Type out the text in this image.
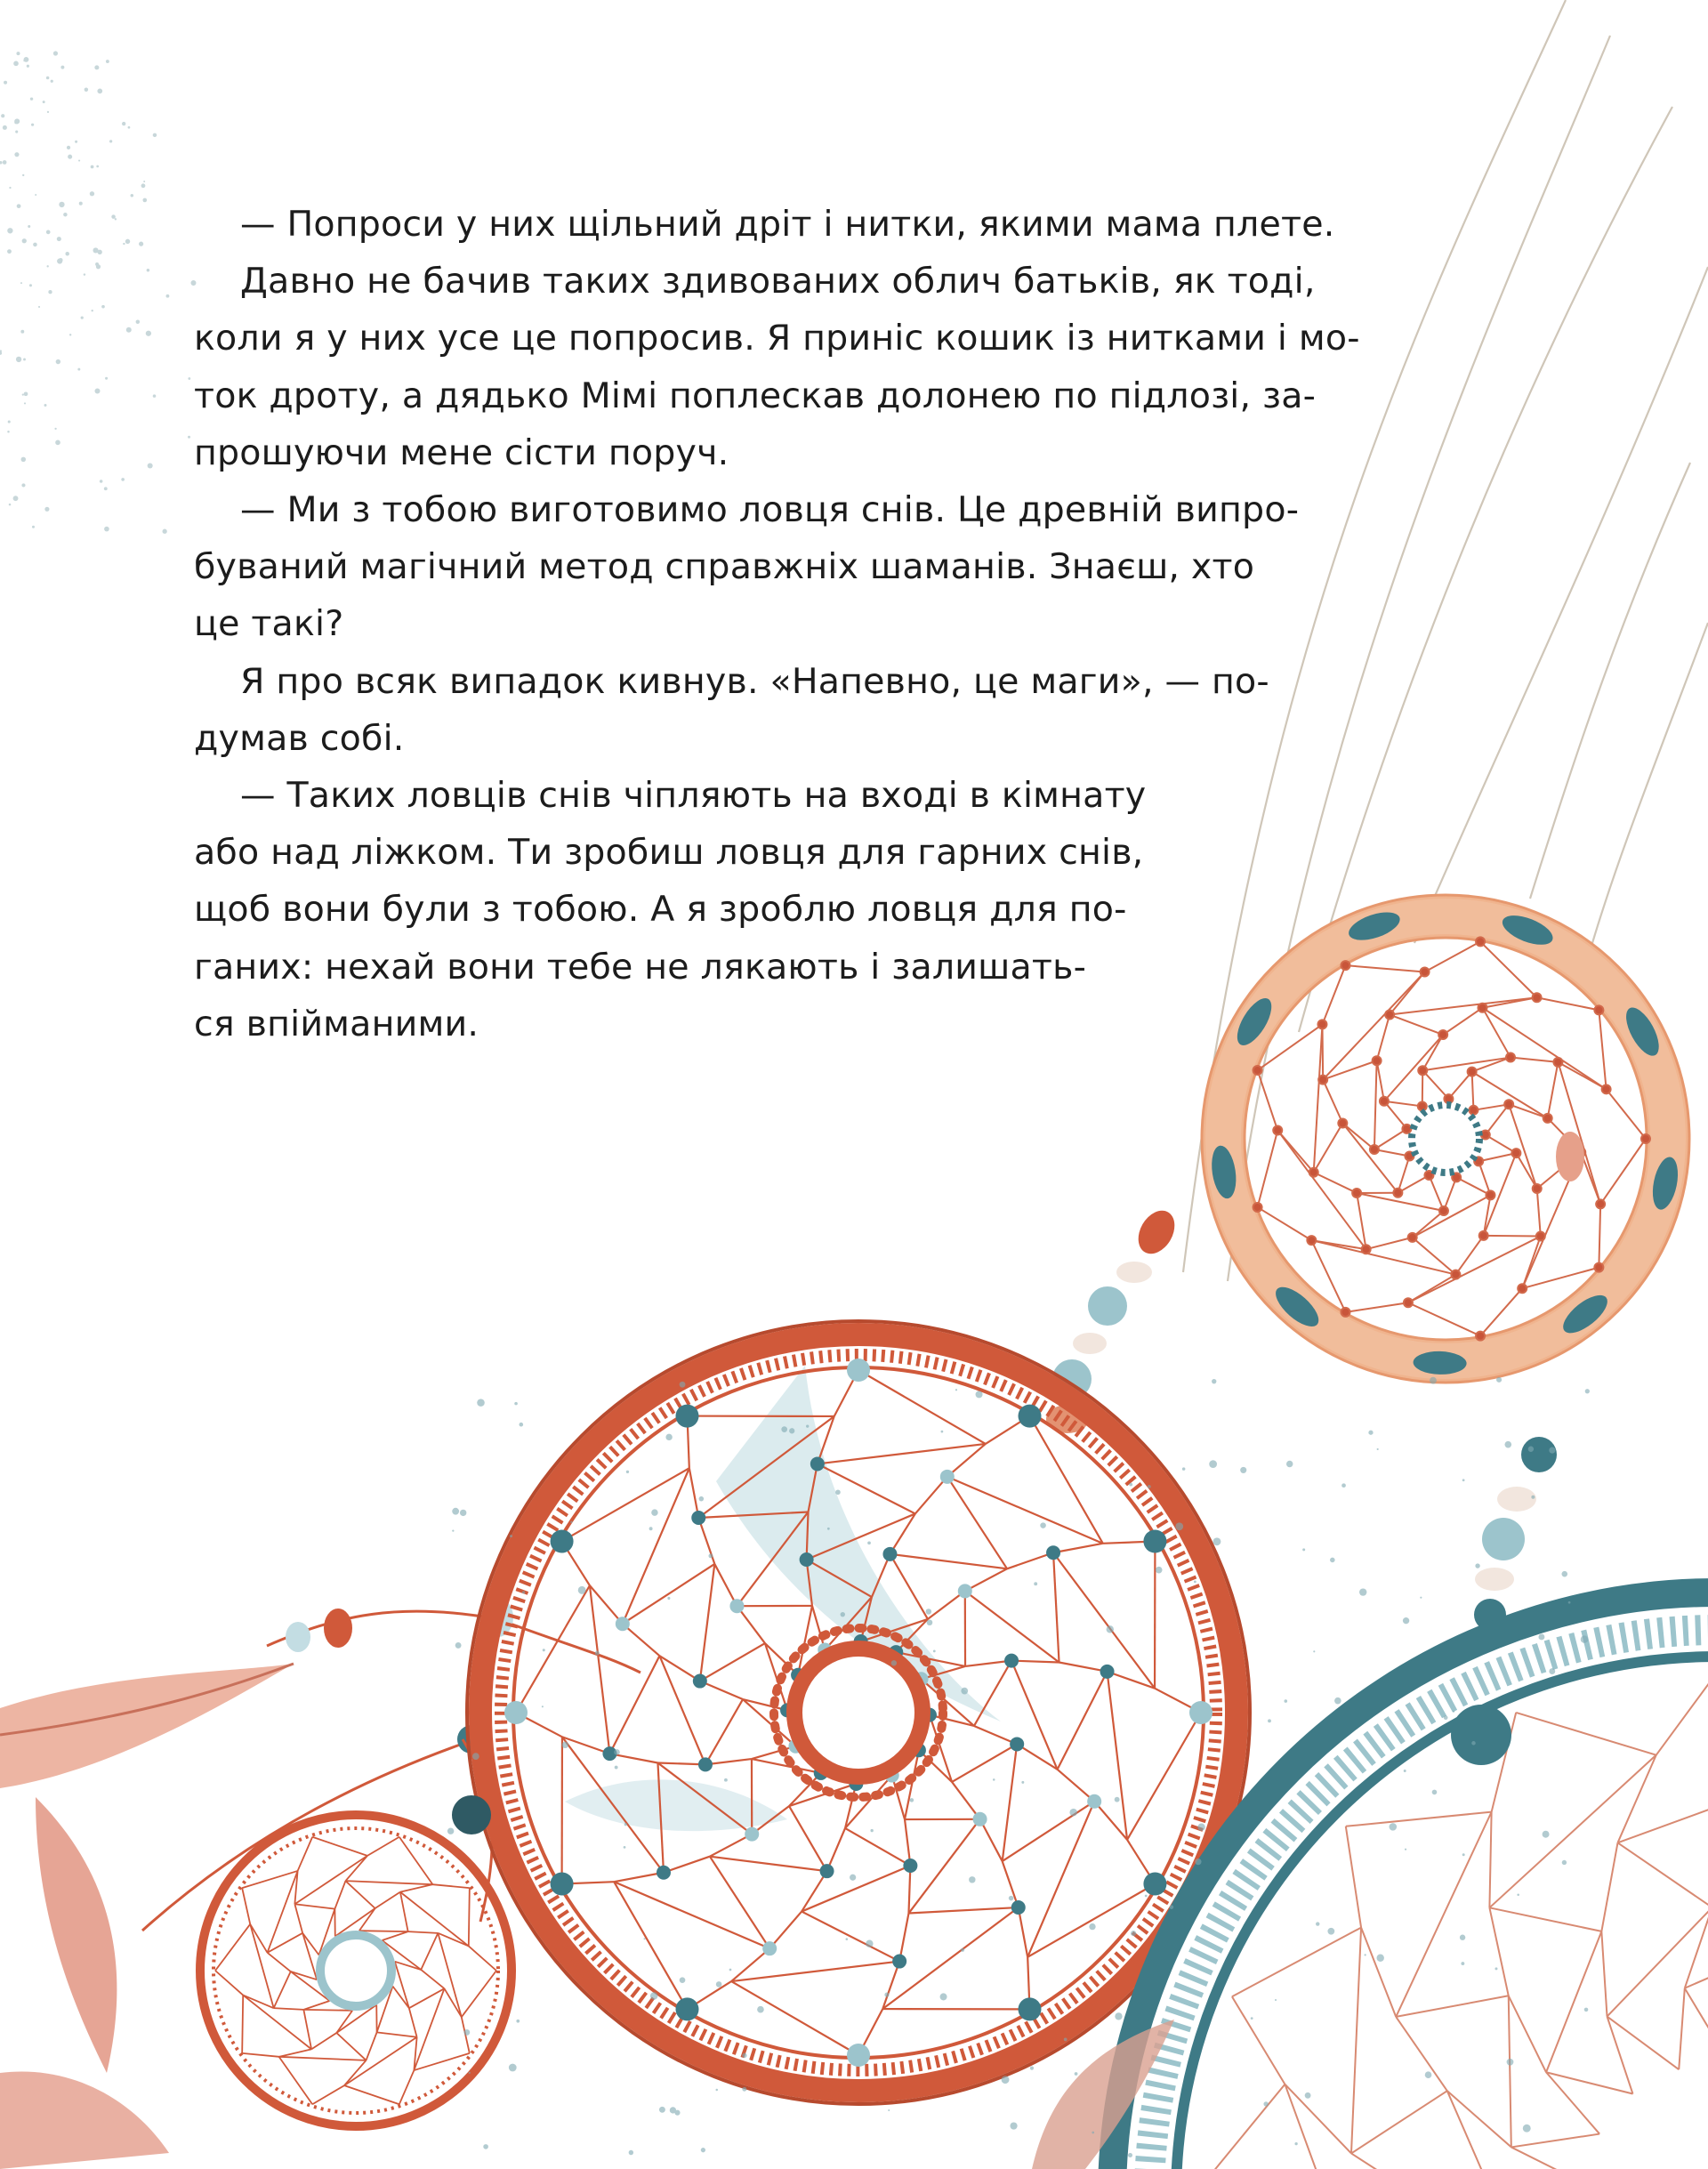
— Попроси у них щільний дріт і нитки, якими мама плете.

Давно не бачив таких здивованих облич батьків, як тоді,

коли я у них усе це попросив. Я приніс кошик із нитками і мо-

ток дроту, а дядько Мімі поплескав долонею по підлозі, за-

прошуючи мене сісти поруч.

— Ми з тобою виготовимо ловця снів. Це древній випро-

буваний магічний метод справжніх шаманів. Знаєш, хто

це такі?

Я про всяк випадок кивнув. «Напевно, це маги», — по-

думав собі.

— Таких ловців снів чіпляють на вході в кімнату

або над ліжком. Ти зробиш ловця для гарних снів,

щоб вони були з тобою. А я зроблю ловця для по-

ганих: нехай вони тебе не лякають і залишать-

ся впійманими.
